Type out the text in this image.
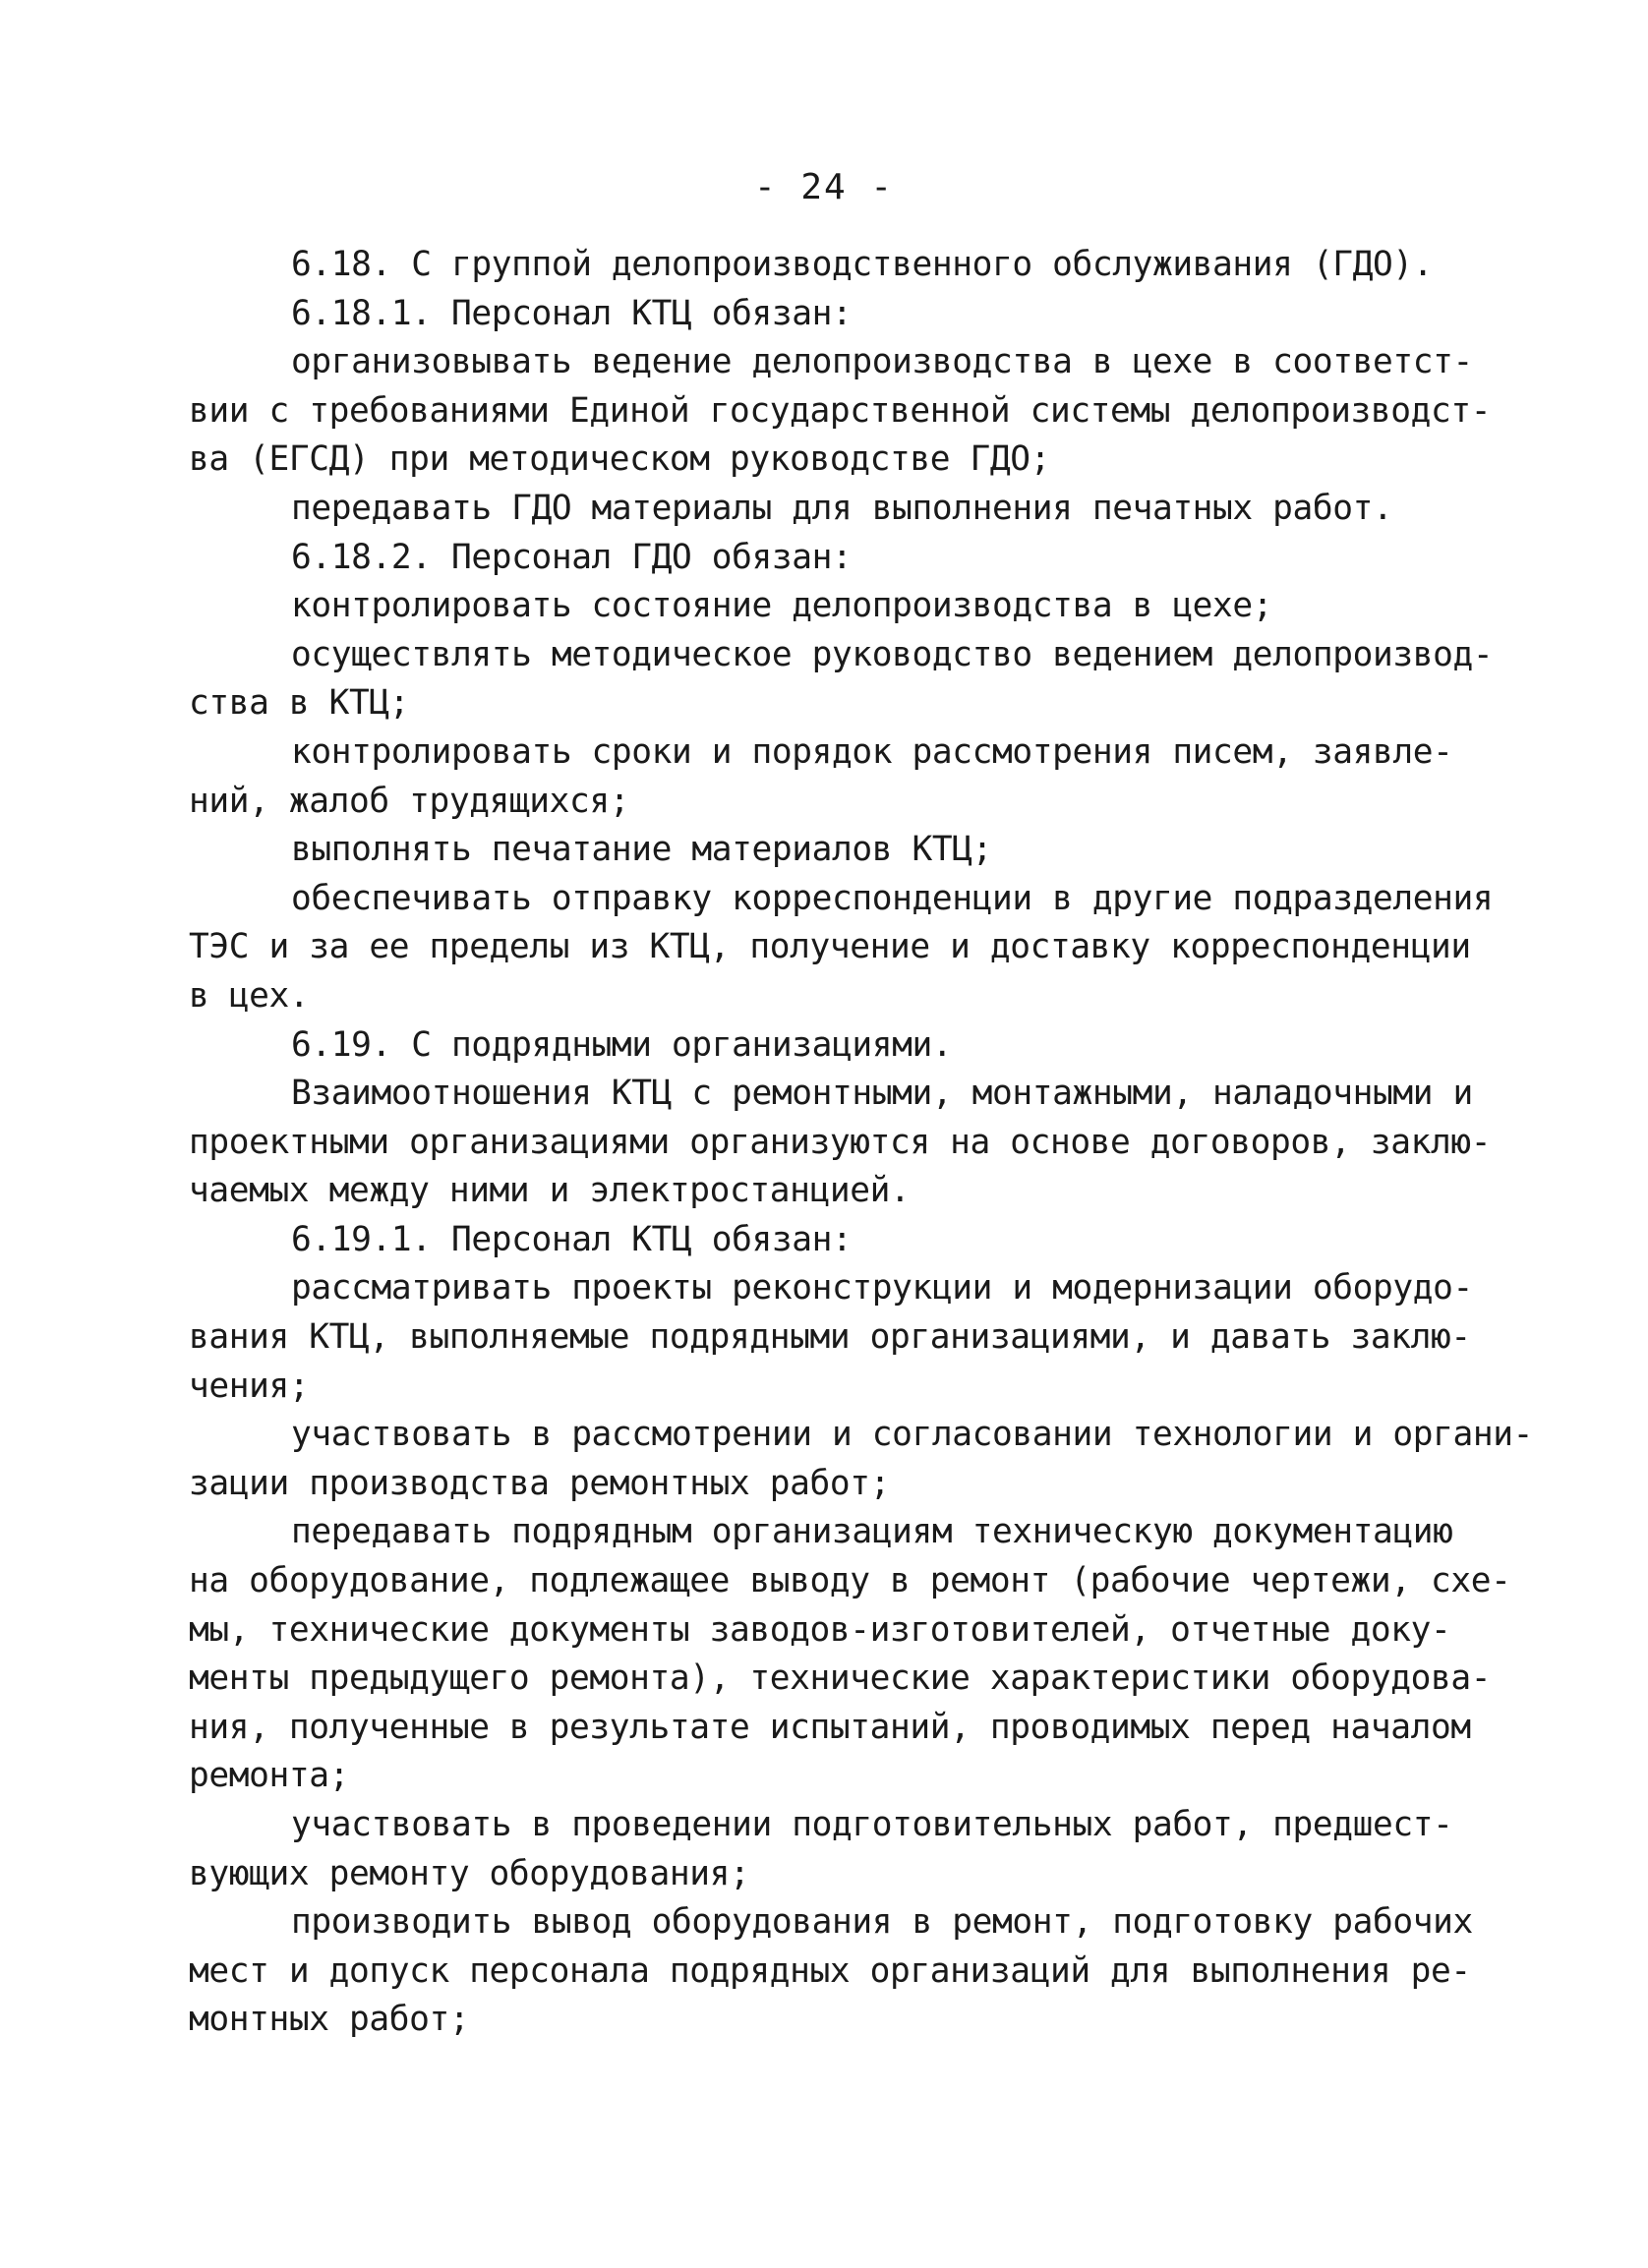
- 24 -
6.18. С группой делопроизводственного обслуживания (ГДО).
6.18.1. Персонал КТЦ обязан:
организовывать ведение делопроизводства в цехе в соответст-
вии с требованиями Единой государственной системы делопроизводст-
ва (ЕГСД) при методическом руководстве ГДО;
передавать ГДО материалы для выполнения печатных работ.
6.18.2. Персонал ГДО обязан:
контролировать состояние делопроизводства в цехе;
осуществлять методическое руководство ведением делопроизвод-
ства в КТЦ;
контролировать сроки и порядок рассмотрения писем, заявле-
ний, жалоб трудящихся;
выполнять печатание материалов КТЦ;
обеспечивать отправку корреспонденции в другие подразделения
ТЭС и за ее пределы из КТЦ, получение и доставку корреспонденции
в цех.
6.19. С подрядными организациями.
Взаимоотношения КТЦ с ремонтными, монтажными, наладочными и
проектными организациями организуются на основе договоров, заклю-
чаемых между ними и электростанцией.
6.19.1. Персонал КТЦ обязан:
рассматривать проекты реконструкции и модернизации оборудо-
вания КТЦ, выполняемые подрядными организациями, и давать заклю-
чения;
участвовать в рассмотрении и согласовании технологии и органи-
зации производства ремонтных работ;
передавать подрядным организациям техническую документацию
на оборудование, подлежащее выводу в ремонт (рабочие чертежи, схе-
мы, технические документы заводов-изготовителей, отчетные доку-
менты предыдущего ремонта), технические характеристики оборудова-
ния, полученные в результате испытаний, проводимых перед началом
ремонта;
участвовать в проведении подготовительных работ, предшест-
вующих ремонту оборудования;
производить вывод оборудования в ремонт, подготовку рабочих
мест и допуск персонала подрядных организаций для выполнения ре-
монтных работ;
